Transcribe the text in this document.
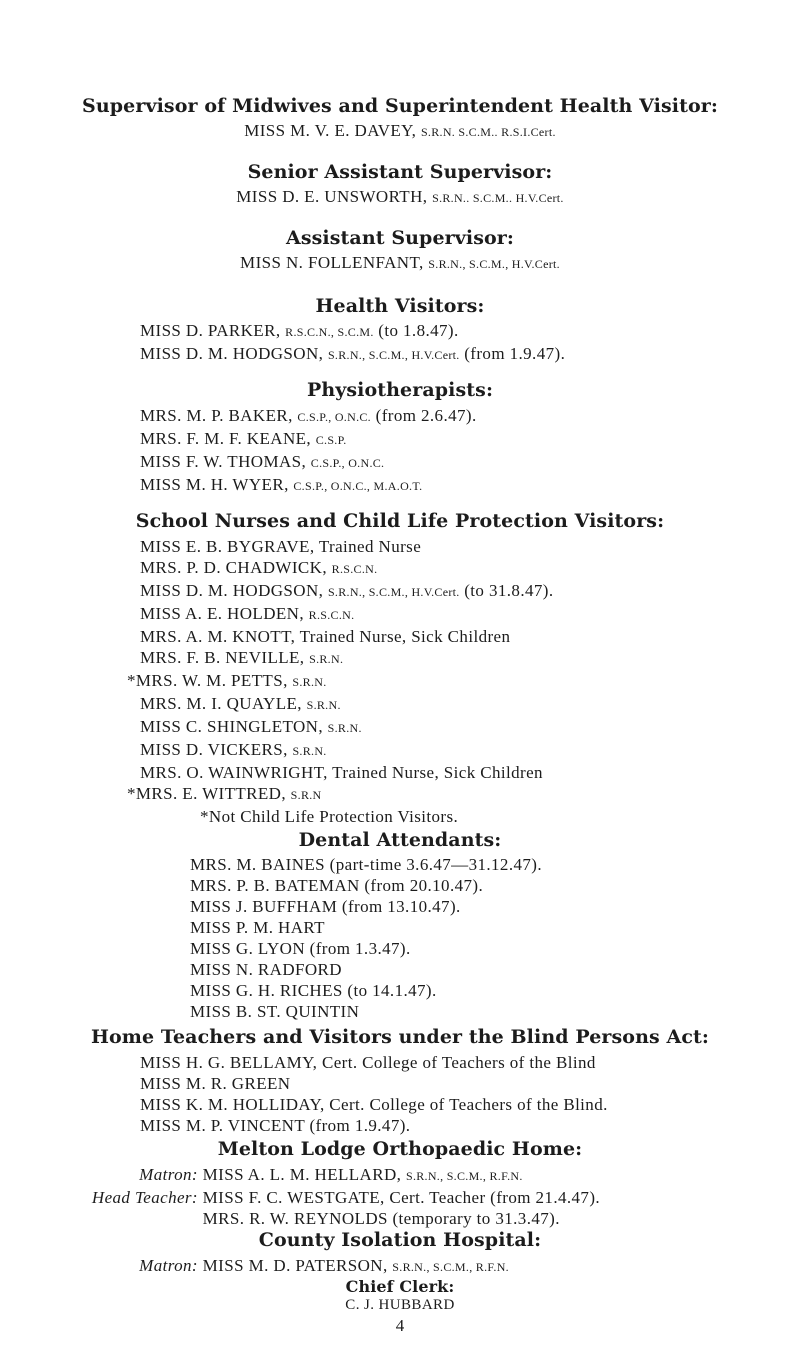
Supervisor of Midwives and Superintendent Health Visitor:
MISS M. V. E. DAVEY, S.R.N. S.C.M.. R.S.I.Cert.
Senior Assistant Supervisor:
MISS D. E. UNSWORTH, S.R.N.. S.C.M.. H.V.Cert.
Assistant Supervisor:
MISS N. FOLLENFANT, S.R.N., S.C.M., H.V.Cert.
Health Visitors:
MISS D. PARKER, R.S.C.N., S.C.M. (to 1.8.47).
MISS D. M. HODGSON, S.R.N., S.C.M., H.V.Cert. (from 1.9.47).
Physiotherapists:
MRS. M. P. BAKER, C.S.P., O.N.C. (from 2.6.47).
MRS. F. M. F. KEANE, C.S.P.
MISS F. W. THOMAS, C.S.P., O.N.C.
MISS M. H. WYER, C.S.P., O.N.C., M.A.O.T.
School Nurses and Child Life Protection Visitors:
MISS E. B. BYGRAVE, Trained Nurse
MRS. P. D. CHADWICK, R.S.C.N.
MISS D. M. HODGSON, S.R.N., S.C.M., H.V.Cert. (to 31.8.47).
MISS A. E. HOLDEN, R.S.C.N.
MRS. A. M. KNOTT, Trained Nurse, Sick Children
MRS. F. B. NEVILLE, S.R.N.
*MRS. W. M. PETTS, S.R.N.
MRS. M. I. QUAYLE, S.R.N.
MISS C. SHINGLETON, S.R.N.
MISS D. VICKERS, S.R.N.
MRS. O. WAINWRIGHT, Trained Nurse, Sick Children
*MRS. E. WITTRED, S.R.N
*Not Child Life Protection Visitors.
Dental Attendants:
MRS. M. BAINES (part-time 3.6.47—31.12.47).
MRS. P. B. BATEMAN (from 20.10.47).
MISS J. BUFFHAM (from 13.10.47).
MISS P. M. HART
MISS G. LYON (from 1.3.47).
MISS N. RADFORD
MISS G. H. RICHES (to 14.1.47).
MISS B. ST. QUINTIN
Home Teachers and Visitors under the Blind Persons Act:
MISS H. G. BELLAMY, Cert. College of Teachers of the Blind
MISS M. R. GREEN
MISS K. M. HOLLIDAY, Cert. College of Teachers of the Blind.
MISS M. P. VINCENT (from 1.9.47).
Melton Lodge Orthopaedic Home:
Matron: MISS A. L. M. HELLARD, S.R.N., S.C.M., R.F.N.
Head Teacher: MISS F. C. WESTGATE, Cert. Teacher (from 21.4.47).
MRS. R. W. REYNOLDS (temporary to 31.3.47).
County Isolation Hospital:
Matron: MISS M. D. PATERSON, S.R.N., S.C.M., R.F.N.
Chief Clerk:
C. J. HUBBARD
4
